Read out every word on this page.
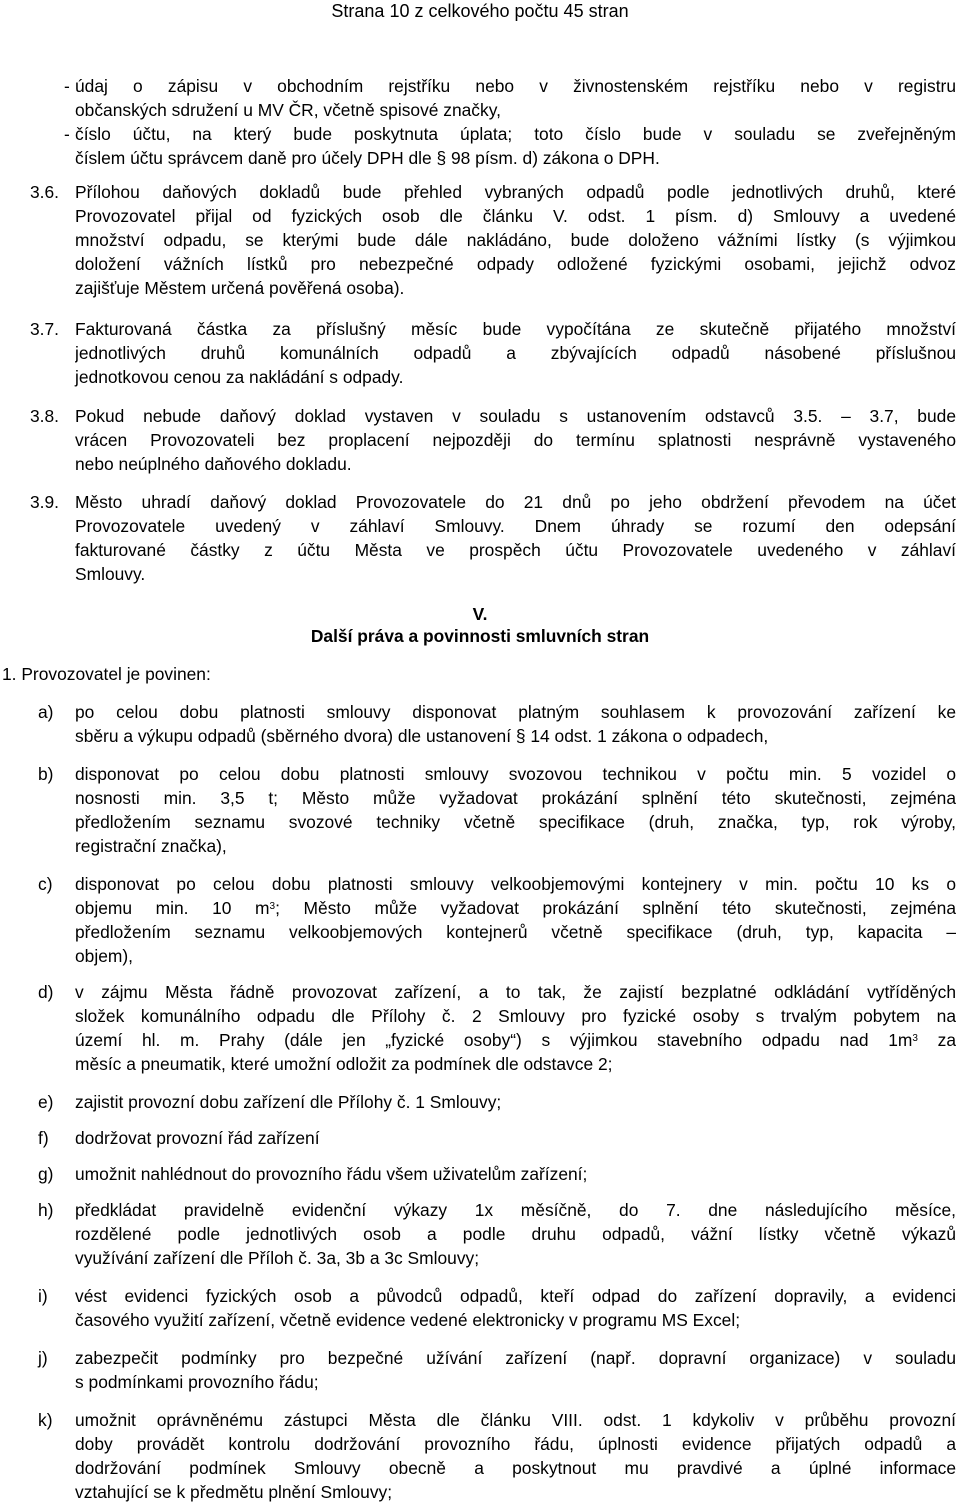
Strana 10 z celkového počtu 45 stran
- údaj o zápisu v obchodním rejstříku nebo v živnostenském rejstříku nebo v registru
občanských sdružení u MV ČR, včetně spisové značky,
- číslo účtu, na který bude poskytnuta úplata; toto číslo bude v souladu se zveřejněným
číslem účtu správcem daně pro účely DPH dle § 98 písm. d) zákona o DPH.
3.6. Přílohou daňových dokladů bude přehled vybraných odpadů podle jednotlivých druhů, které
Provozovatel přijal od fyzických osob dle článku V. odst. 1 písm. d) Smlouvy a uvedené
množství odpadu, se kterými bude dále nakládáno, bude doloženo vážními lístky (s výjimkou
doložení vážních lístků pro nebezpečné odpady odložené fyzickými osobami, jejichž odvoz
zajišťuje Městem určená pověřená osoba).
3.7. Fakturovaná částka za příslušný měsíc bude vypočítána ze skutečně přijatého množství
jednotlivých druhů komunálních odpadů a zbývajících odpadů násobené příslušnou
jednotkovou cenou za nakládání s odpady.
3.8. Pokud nebude daňový doklad vystaven v souladu s ustanovením odstavců 3.5. – 3.7, bude
vrácen Provozovateli bez proplacení nejpozději do termínu splatnosti nesprávně vystaveného
nebo neúplného daňového dokladu.
3.9. Město uhradí daňový doklad Provozovatele do 21 dnů po jeho obdržení převodem na účet
Provozovatele uvedený v záhlaví Smlouvy. Dnem úhrady se rozumí den odepsání
fakturované částky z účtu Města ve prospěch účtu Provozovatele uvedeného v záhlaví
Smlouvy.
V.
Další práva a povinnosti smluvních stran
1. Provozovatel je povinen:
a) po celou dobu platnosti smlouvy disponovat platným souhlasem k provozování zařízení ke
sběru a výkupu odpadů (sběrného dvora) dle ustanovení § 14 odst. 1 zákona o odpadech,
b) disponovat po celou dobu platnosti smlouvy svozovou technikou v počtu min. 5 vozidel o
nosnosti min. 3,5 t; Město může vyžadovat prokázání splnění této skutečnosti, zejména
předložením seznamu svozové techniky včetně specifikace (druh, značka, typ, rok výroby,
registrační značka),
c) disponovat po celou dobu platnosti smlouvy velkoobjemovými kontejnery v min. počtu 10 ks o
objemu min. 10 $m^3$; Město může vyžadovat prokázání splnění této skutečnosti, zejména
předložením seznamu velkoobjemových kontejnerů včetně specifikace (druh, typ, kapacita –
objem),
d) v zájmu Města řádně provozovat zařízení, a to tak, že zajistí bezplatné odkládání vytříděných
složek komunálního odpadu dle Přílohy č. 2 Smlouvy pro fyzické osoby s trvalým pobytem na
území hl. m. Prahy (dále jen „fyzické osoby“) s výjimkou stavebního odpadu nad $1m^3$ za
měsíc a pneumatik, které umožní odložit za podmínek dle odstavce 2;
e) zajistit provozní dobu zařízení dle Přílohy č. 1 Smlouvy;
f) dodržovat provozní řád zařízení
g) umožnit nahlédnout do provozního řádu všem uživatelům zařízení;
h) předkládat pravidelně evidenční výkazy 1x měsíčně, do 7. dne následujícího měsíce,
rozdělené podle jednotlivých osob a podle druhu odpadů, vážní lístky včetně výkazů
využívání zařízení dle Příloh č. 3a, 3b a 3c Smlouvy;
i) vést evidenci fyzických osob a původců odpadů, kteří odpad do zařízení dopravily, a evidenci
časového využití zařízení, včetně evidence vedené elektronicky v programu MS Excel;
j) zabezpečit podmínky pro bezpečné užívání zařízení (např. dopravní organizace) v souladu
s podmínkami provozního řádu;
k) umožnit oprávněnému zástupci Města dle článku VIII. odst. 1 kdykoliv v průběhu provozní
doby provádět kontrolu dodržování provozního řádu, úplnosti evidence přijatých odpadů a
dodržování podmínek Smlouvy obecně a poskytnout mu pravdivé a úplné informace
vztahující se k předmětu plnění Smlouvy;
